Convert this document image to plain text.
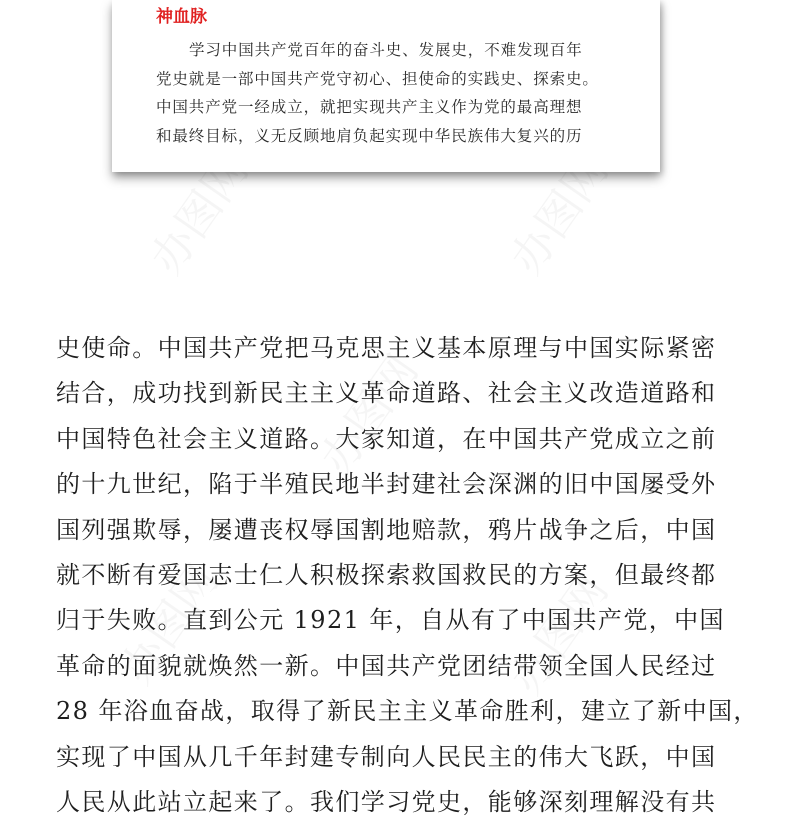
办图网	办图网
办图网
办图网	办图网
神血脉
学习中国共产党百年的奋斗史、发展史，不难发现百年
党史就是一部中国共产党守初心、担使命的实践史、探索史。
中国共产党一经成立，就把实现共产主义作为党的最高理想
和最终目标，义无反顾地肩负起实现中华民族伟大复兴的历
史使命。中国共产党把马克思主义基本原理与中国实际紧密
结合，成功找到新民主主义革命道路、社会主义改造道路和
中国特色社会主义道路。大家知道，在中国共产党成立之前
的十九世纪，陷于半殖民地半封建社会深渊的旧中国屡受外
国列强欺辱，屡遭丧权辱国割地赔款，鸦片战争之后，中国
就不断有爱国志士仁人积极探索救国救民的方案，但最终都
归于失败。直到公元 1921 年，自从有了中国共产党，中国
革命的面貌就焕然一新。中国共产党团结带领全国人民经过
28 年浴血奋战，取得了新民主主义革命胜利，建立了新中国，
实现了中国从几千年封建专制向人民民主的伟大飞跃，中国
人民从此站立起来了。我们学习党史，能够深刻理解没有共
